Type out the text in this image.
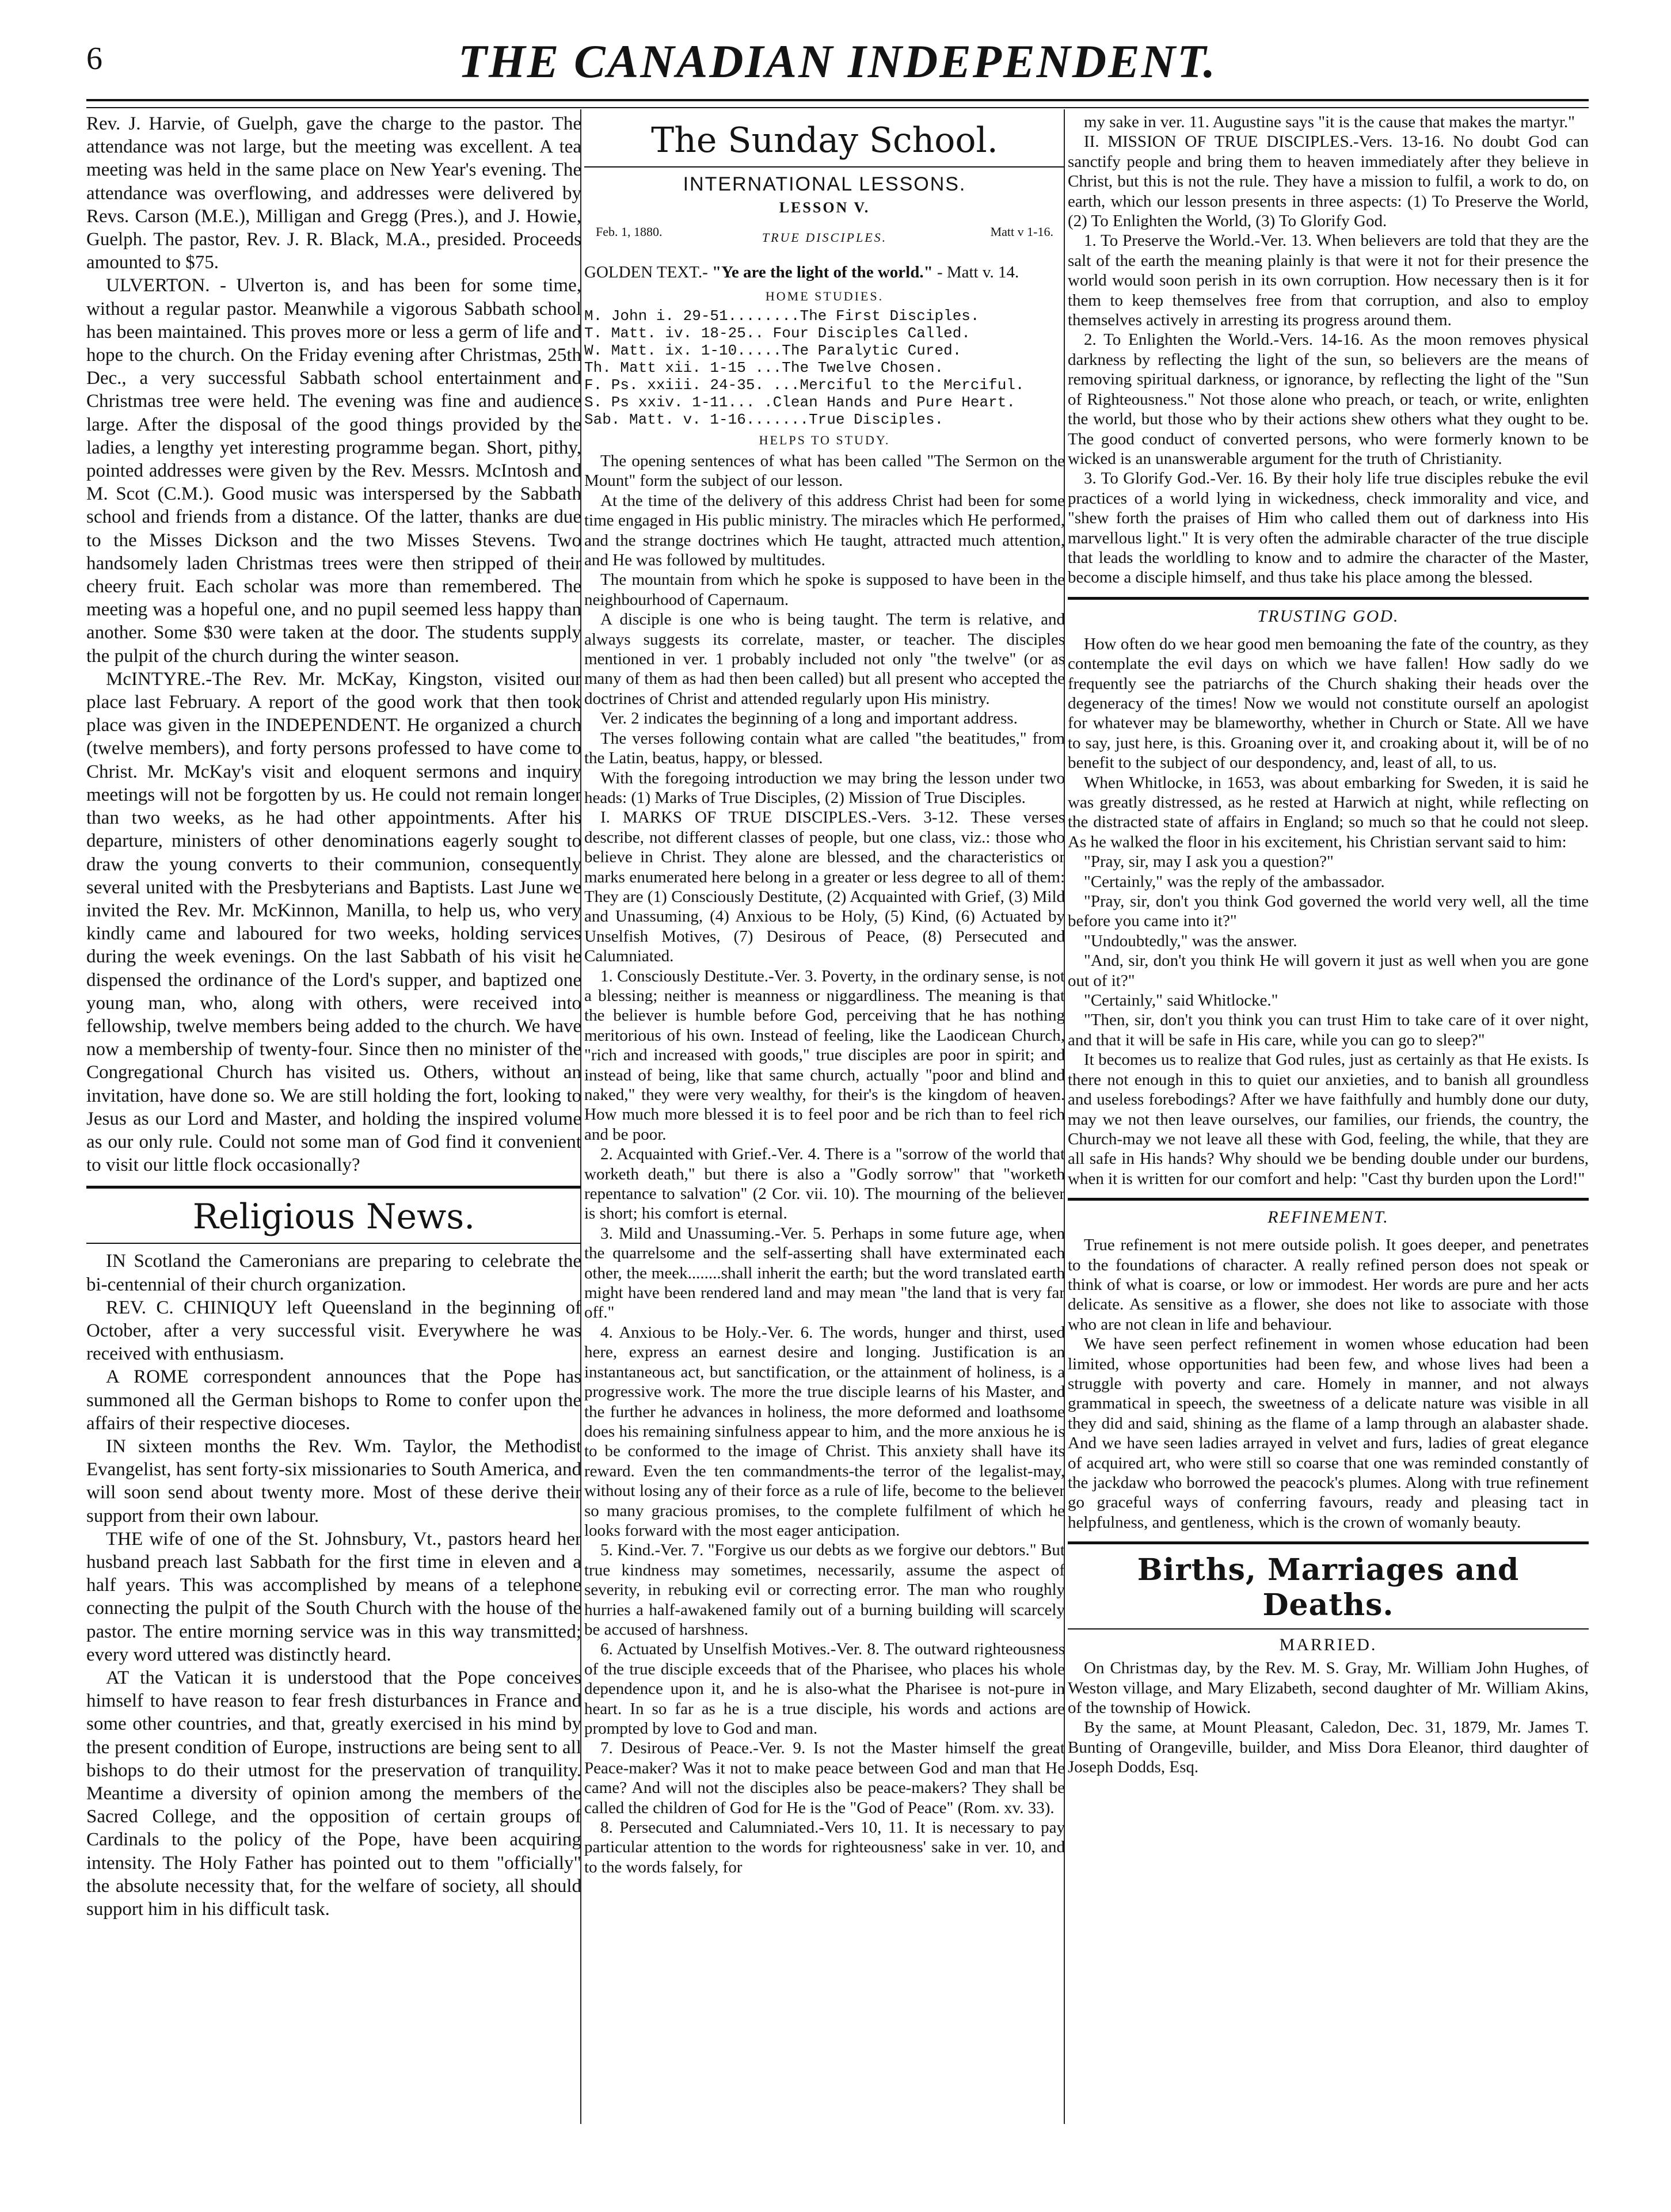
6	THE CANADIAN INDEPENDENT.

Rev. J. Harvie, of Guelph, gave the charge to the pastor. The attendance was not large, but the meeting was excellent. A tea meeting was held in the same place on New Year's evening. The attendance was overflowing, and addresses were delivered by Revs. Carson (M.E.), Milligan and Gregg (Pres.), and J. Howie, Guelph. The pastor, Rev. J. R. Black, M.A., presided. Proceeds amounted to $75.

ULVERTON. - Ulverton is, and has been for some time, without a regular pastor. Meanwhile a vigorous Sabbath school has been maintained. This proves more or less a germ of life and hope to the church. On the Friday evening after Christmas, 25th Dec., a very successful Sabbath school entertainment and Christmas tree were held. The evening was fine and audience large. After the disposal of the good things provided by the ladies, a lengthy yet interesting programme began. Short, pithy, pointed addresses were given by the Rev. Messrs. McIntosh and M. Scot (C.M.). Good music was interspersed by the Sabbath school and friends from a distance. Of the latter, thanks are due to the Misses Dickson and the two Misses Stevens. Two handsomely laden Christmas trees were then stripped of their cheery fruit. Each scholar was more than remembered. The meeting was a hopeful one, and no pupil seemed less happy than another. Some $30 were taken at the door. The students supply the pulpit of the church during the winter season.

McINTYRE.-The Rev. Mr. McKay, Kingston, visited our place last February. A report of the good work that then took place was given in the INDEPENDENT. He organized a church (twelve members), and forty persons professed to have come to Christ. Mr. McKay's visit and eloquent sermons and inquiry meetings will not be forgotten by us. He could not remain longer than two weeks, as he had other appointments. After his departure, ministers of other denominations eagerly sought to draw the young converts to their communion, consequently several united with the Presbyterians and Baptists. Last June we invited the Rev. Mr. McKinnon, Manilla, to help us, who very kindly came and laboured for two weeks, holding services during the week evenings. On the last Sabbath of his visit he dispensed the ordinance of the Lord's supper, and baptized one young man, who, along with others, were received into fellowship, twelve members being added to the church. We have now a membership of twenty-four. Since then no minister of the Congregational Church has visited us. Others, without an invitation, have done so. We are still holding the fort, looking to Jesus as our Lord and Master, and holding the inspired volume as our only rule. Could not some man of God find it convenient to visit our little flock occasionally?

Religious News.

IN Scotland the Cameronians are preparing to celebrate the bi-centennial of their church organization.

REV. C. CHINIQUY left Queensland in the beginning of October, after a very successful visit. Everywhere he was received with enthusiasm.

A ROME correspondent announces that the Pope has summoned all the German bishops to Rome to confer upon the affairs of their respective dioceses.

IN sixteen months the Rev. Wm. Taylor, the Methodist Evangelist, has sent forty-six missionaries to South America, and will soon send about twenty more. Most of these derive their support from their own labour.

THE wife of one of the St. Johnsbury, Vt., pastors heard her husband preach last Sabbath for the first time in eleven and a half years. This was accomplished by means of a telephone connecting the pulpit of the South Church with the house of the pastor. The entire morning service was in this way transmitted; every word uttered was distinctly heard.

AT the Vatican it is understood that the Pope conceives himself to have reason to fear fresh disturbances in France and some other countries, and that, greatly exercised in his mind by the present condition of Europe, instructions are being sent to all bishops to do their utmost for the preservation of tranquility. Meantime a diversity of opinion among the members of the Sacred College, and the opposition of certain groups of Cardinals to the policy of the Pope, have been acquiring intensity. The Holy Father has pointed out to them "officially" the absolute necessity that, for the welfare of society, all should support him in his difficult task.

The Sunday School.
INTERNATIONAL LESSONS.
LESSON V.
Feb. 1, 1880.	TRUE DISCIPLES.	Matt v 1-16.
GOLDEN TEXT.- "Ye are the light of the world." - Matt v. 14.
HOME STUDIES.
M. John i. 29-51........The First Disciples.
T. Matt. iv. 18-25.. Four Disciples Called.
W. Matt. ix. 1-10.....The Paralytic Cured.
Th. Matt xii. 1-15 ...The Twelve Chosen.
F. Ps. xxiii. 24-35. ...Merciful to the Merciful.
S. Ps xxiv. 1-11... .Clean Hands and Pure Heart.
Sab. Matt. v. 1-16.......True Disciples.
HELPS TO STUDY.

The opening sentences of what has been called "The Sermon on the Mount" form the subject of our lesson.

At the time of the delivery of this address Christ had been for some time engaged in His public ministry. The miracles which He performed, and the strange doctrines which He taught, attracted much attention, and He was followed by multitudes.

The mountain from which he spoke is supposed to have been in the neighbourhood of Capernaum.

A disciple is one who is being taught. The term is relative, and always suggests its correlate, master, or teacher. The disciples mentioned in ver. 1 probably included not only "the twelve" (or as many of them as had then been called) but all present who accepted the doctrines of Christ and attended regularly upon His ministry.

Ver. 2 indicates the beginning of a long and important address.

The verses following contain what are called "the beatitudes," from the Latin, beatus, happy, or blessed.

With the foregoing introduction we may bring the lesson under two heads: (1) Marks of True Disciples, (2) Mission of True Disciples.

I. MARKS OF TRUE DISCIPLES.-Vers. 3-12. These verses describe, not different classes of people, but one class, viz.: those who believe in Christ. They alone are blessed, and the characteristics or marks enumerated here belong in a greater or less degree to all of them: They are (1) Consciously Destitute, (2) Acquainted with Grief, (3) Mild and Unassuming, (4) Anxious to be Holy, (5) Kind, (6) Actuated by Unselfish Motives, (7) Desirous of Peace, (8) Persecuted and Calumniated.

1. Consciously Destitute.-Ver. 3. Poverty, in the ordinary sense, is not a blessing; neither is meanness or niggardliness. The meaning is that the believer is humble before God, perceiving that he has nothing meritorious of his own. Instead of feeling, like the Laodicean Church, "rich and increased with goods," true disciples are poor in spirit; and instead of being, like that same church, actually "poor and blind and naked," they were very wealthy, for their's is the kingdom of heaven. How much more blessed it is to feel poor and be rich than to feel rich and be poor.

2. Acquainted with Grief.-Ver. 4. There is a "sorrow of the world that worketh death," but there is also a "Godly sorrow" that "worketh repentance to salvation" (2 Cor. vii. 10). The mourning of the believer is short; his comfort is eternal.

3. Mild and Unassuming.-Ver. 5. Perhaps in some future age, when the quarrelsome and the self-asserting shall have exterminated each other, the meek........shall inherit the earth; but the word translated earth might have been rendered land and may mean "the land that is very far off."

4. Anxious to be Holy.-Ver. 6. The words, hunger and thirst, used here, express an earnest desire and longing. Justification is an instantaneous act, but sanctification, or the attainment of holiness, is a progressive work. The more the true disciple learns of his Master, and the further he advances in holiness, the more deformed and loathsome does his remaining sinfulness appear to him, and the more anxious he is to be conformed to the image of Christ. This anxiety shall have its reward. Even the ten commandments-the terror of the legalist-may, without losing any of their force as a rule of life, become to the believer so many gracious promises, to the complete fulfilment of which he looks forward with the most eager anticipation.

5. Kind.-Ver. 7. "Forgive us our debts as we forgive our debtors." But true kindness may sometimes, necessarily, assume the aspect of severity, in rebuking evil or correcting error. The man who roughly hurries a half-awakened family out of a burning building will scarcely be accused of harshness.

6. Actuated by Unselfish Motives.-Ver. 8. The outward righteousness of the true disciple exceeds that of the Pharisee, who places his whole dependence upon it, and he is also-what the Pharisee is not-pure in heart. In so far as he is a true disciple, his words and actions are prompted by love to God and man.

7. Desirous of Peace.-Ver. 9. Is not the Master himself the great Peace-maker? Was it not to make peace between God and man that He came? And will not the disciples also be peace-makers? They shall be called the children of God for He is the "God of Peace" (Rom. xv. 33).

8. Persecuted and Calumniated.-Vers 10, 11. It is necessary to pay particular attention to the words for righteousness' sake in ver. 10, and to the words falsely, for

my sake in ver. 11. Augustine says "it is the cause that makes the martyr."

II. MISSION OF TRUE DISCIPLES.-Vers. 13-16. No doubt God can sanctify people and bring them to heaven immediately after they believe in Christ, but this is not the rule. They have a mission to fulfil, a work to do, on earth, which our lesson presents in three aspects: (1) To Preserve the World, (2) To Enlighten the World, (3) To Glorify God.

1. To Preserve the World.-Ver. 13. When believers are told that they are the salt of the earth the meaning plainly is that were it not for their presence the world would soon perish in its own corruption. How necessary then is it for them to keep themselves free from that corruption, and also to employ themselves actively in arresting its progress around them.

2. To Enlighten the World.-Vers. 14-16. As the moon removes physical darkness by reflecting the light of the sun, so believers are the means of removing spiritual darkness, or ignorance, by reflecting the light of the "Sun of Righteousness." Not those alone who preach, or teach, or write, enlighten the world, but those who by their actions shew others what they ought to be. The good conduct of converted persons, who were formerly known to be wicked is an unanswerable argument for the truth of Christianity.

3. To Glorify God.-Ver. 16. By their holy life true disciples rebuke the evil practices of a world lying in wickedness, check immorality and vice, and "shew forth the praises of Him who called them out of darkness into His marvellous light." It is very often the admirable character of the true disciple that leads the worldling to know and to admire the character of the Master, become a disciple himself, and thus take his place among the blessed.

TRUSTING GOD.

How often do we hear good men bemoaning the fate of the country, as they contemplate the evil days on which we have fallen! How sadly do we frequently see the patriarchs of the Church shaking their heads over the degeneracy of the times! Now we would not constitute ourself an apologist for whatever may be blameworthy, whether in Church or State. All we have to say, just here, is this. Groaning over it, and croaking about it, will be of no benefit to the subject of our despondency, and, least of all, to us.

When Whitlocke, in 1653, was about embarking for Sweden, it is said he was greatly distressed, as he rested at Harwich at night, while reflecting on the distracted state of affairs in England; so much so that he could not sleep. As he walked the floor in his excitement, his Christian servant said to him:

"Pray, sir, may I ask you a question?"

"Certainly," was the reply of the ambassador.

"Pray, sir, don't you think God governed the world very well, all the time before you came into it?"

"Undoubtedly," was the answer.

"And, sir, don't you think He will govern it just as well when you are gone out of it?"

"Certainly," said Whitlocke."

"Then, sir, don't you think you can trust Him to take care of it over night, and that it will be safe in His care, while you can go to sleep?"

It becomes us to realize that God rules, just as certainly as that He exists. Is there not enough in this to quiet our anxieties, and to banish all groundless and useless forebodings? After we have faithfully and humbly done our duty, may we not then leave ourselves, our families, our friends, the country, the Church-may we not leave all these with God, feeling, the while, that they are all safe in His hands? Why should we be bending double under our burdens, when it is written for our comfort and help: "Cast thy burden upon the Lord!"

REFINEMENT.

True refinement is not mere outside polish. It goes deeper, and penetrates to the foundations of character. A really refined person does not speak or think of what is coarse, or low or immodest. Her words are pure and her acts delicate. As sensitive as a flower, she does not like to associate with those who are not clean in life and behaviour.

We have seen perfect refinement in women whose education had been limited, whose opportunities had been few, and whose lives had been a struggle with poverty and care. Homely in manner, and not always grammatical in speech, the sweetness of a delicate nature was visible in all they did and said, shining as the flame of a lamp through an alabaster shade. And we have seen ladies arrayed in velvet and furs, ladies of great elegance of acquired art, who were still so coarse that one was reminded constantly of the jackdaw who borrowed the peacock's plumes. Along with true refinement go graceful ways of conferring favours, ready and pleasing tact in helpfulness, and gentleness, which is the crown of womanly beauty.

Births, Marriages and Deaths.
MARRIED.

On Christmas day, by the Rev. M. S. Gray, Mr. William John Hughes, of Weston village, and Mary Elizabeth, second daughter of Mr. William Akins, of the township of Howick.

By the same, at Mount Pleasant, Caledon, Dec. 31, 1879, Mr. James T. Bunting of Orangeville, builder, and Miss Dora Eleanor, third daughter of Joseph Dodds, Esq.
